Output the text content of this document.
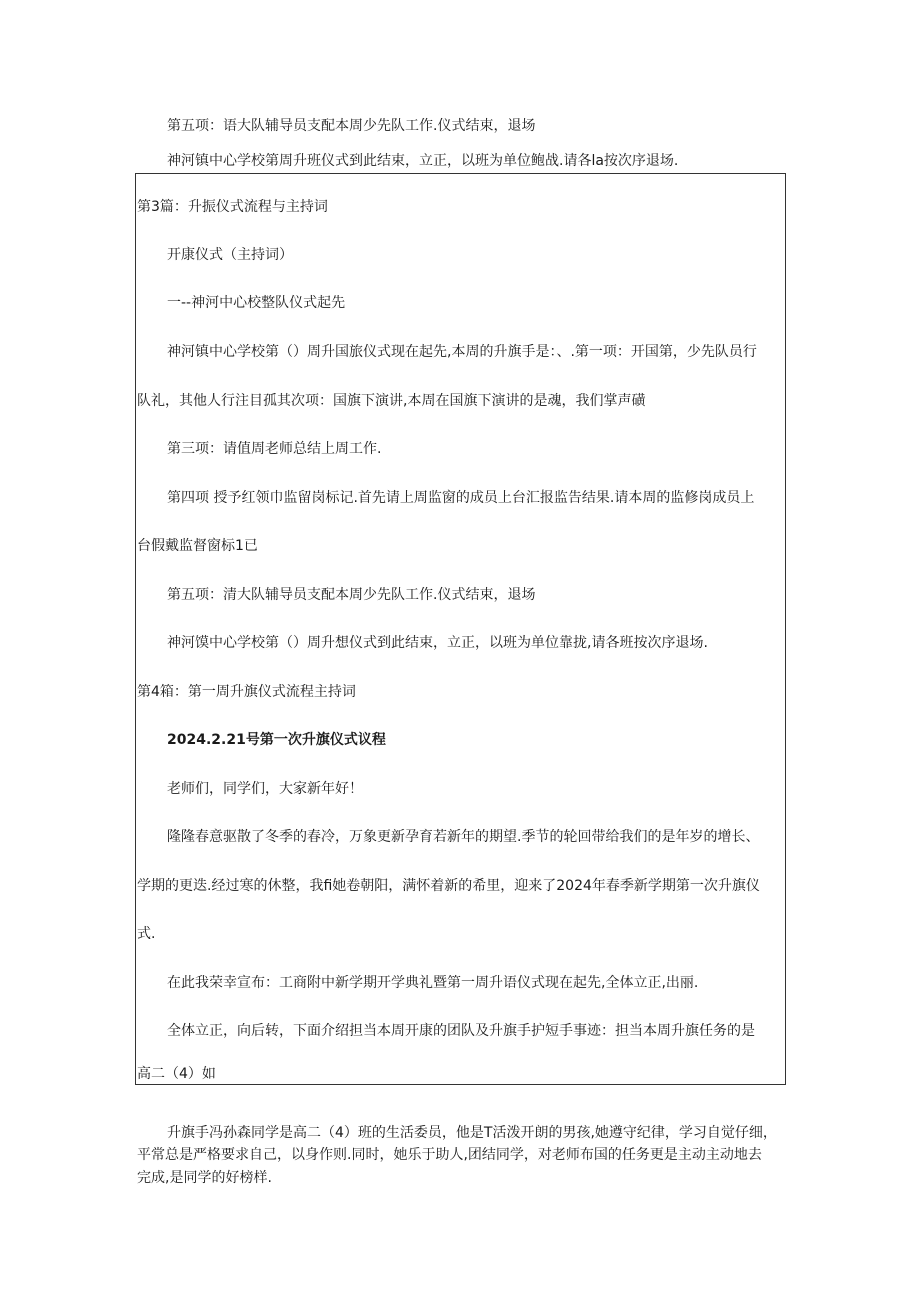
第五项：语大队辅导员支配本周少先队工作.仪式结束，退场
神河镇中心学校第周升班仪式到此结束，立正，以班为单位鲍战.请各la按次序退场.
第3篇：升振仪式流程与主持词
开康仪式（主持词）
一--神河中心校整队仪式起先
神河镇中心学校第（）周升国旅仪式现在起先,本周的升旗手是：、.第一项：开国第，少先队员行
队礼，其他人行注目孤其次项：国旗下演讲,本周在国旗下演讲的是魂，我们掌声磺
第三项：请值周老师总结上周工作.
第四项 授予红领巾监留岗标记.首先请上周监窗的成员上台汇报监告结果.请本周的监修岗成员上
台假戴监督窗标1已
第五项：清大队辅导员支配本周少先队工作.仪式结束，退场
神河馍中心学校第（）周升想仪式到此结束，立正，以班为单位靠拢,请各班按次序退场.
第4箱：第一周升旗仪式流程主持词
2024.2.21号第一次升旗仪式议程
老师们，同学们，大家新年好！
隆隆春意驱散了冬季的春冷，万象更新孕育若新年的期望.季节的轮回带给我们的是年岁的增长、
学期的更迭.经过寒的休整，我fi她卷朝阳，满怀着新的希里，迎来了2024年春季新学期第一次升旗仪
式.
在此我荣幸宣布：工商附中新学期开学典礼暨第一周升语仪式现在起先,全体立正,出丽.
全体立正，向后转，下面介绍担当本周开康的团队及升旗手护短手事迹：担当本周升旗任务的是
高二（4）如
升旗手冯孙森同学是高二（4）班的生活委员，他是T活泼开朗的男孩,她遵守纪律，学习自觉仔细，
平常总是严格要求自己，以身作则.同时，她乐于助人,团结同学，对老师布国的任务更是主动主动地去
完成,是同学的好榜样.
